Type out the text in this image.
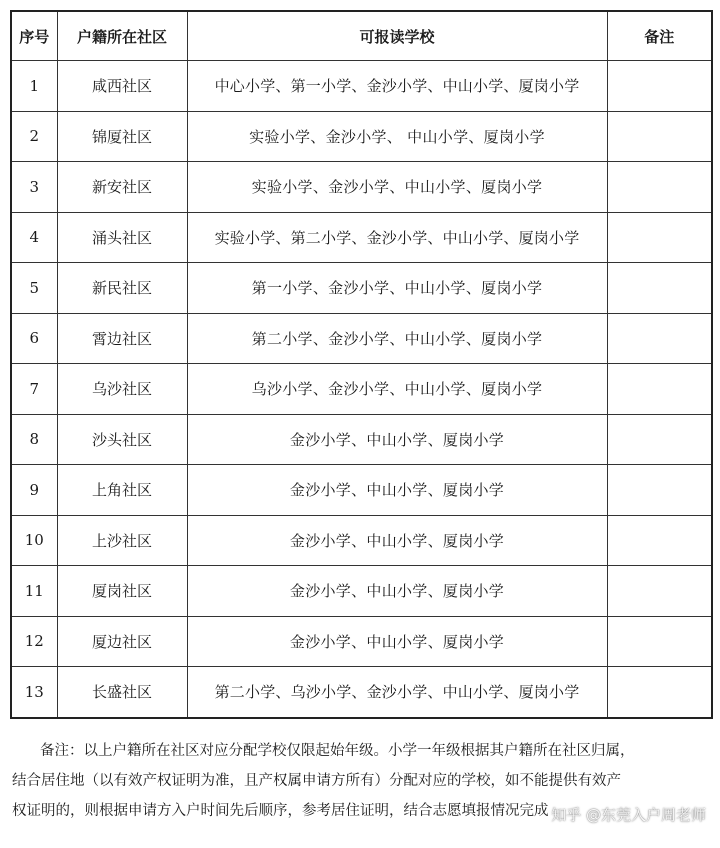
序号	户籍所在社区	可报读学校	备注
1	咸西社区	中心小学、第一小学、金沙小学、中山小学、厦岗小学	
2	锦厦社区	实验小学、金沙小学、 中山小学、厦岗小学	
3	新安社区	实验小学、金沙小学、中山小学、厦岗小学	
4	涌头社区	实验小学、第二小学、金沙小学、中山小学、厦岗小学	
5	新民社区	第一小学、金沙小学、中山小学、厦岗小学	
6	霄边社区	第二小学、金沙小学、中山小学、厦岗小学	
7	乌沙社区	乌沙小学、金沙小学、中山小学、厦岗小学	
8	沙头社区	金沙小学、中山小学、厦岗小学	
9	上角社区	金沙小学、中山小学、厦岗小学	
10	上沙社区	金沙小学、中山小学、厦岗小学	
11	厦岗社区	金沙小学、中山小学、厦岗小学	
12	厦边社区	金沙小学、中山小学、厦岗小学	
13	长盛社区	第二小学、乌沙小学、金沙小学、中山小学、厦岗小学	

备注：以上户籍所在社区对应分配学校仅限起始年级。小学一年级根据其户籍所在社区归属，

结合居住地（以有效产权证明为准，且产权属申请方所有）分配对应的学校，如不能提供有效产

权证明的，则根据申请方入户时间先后顺序，参考居住证明，结合志愿填报情况完成 知乎 @东莞入户周老师
